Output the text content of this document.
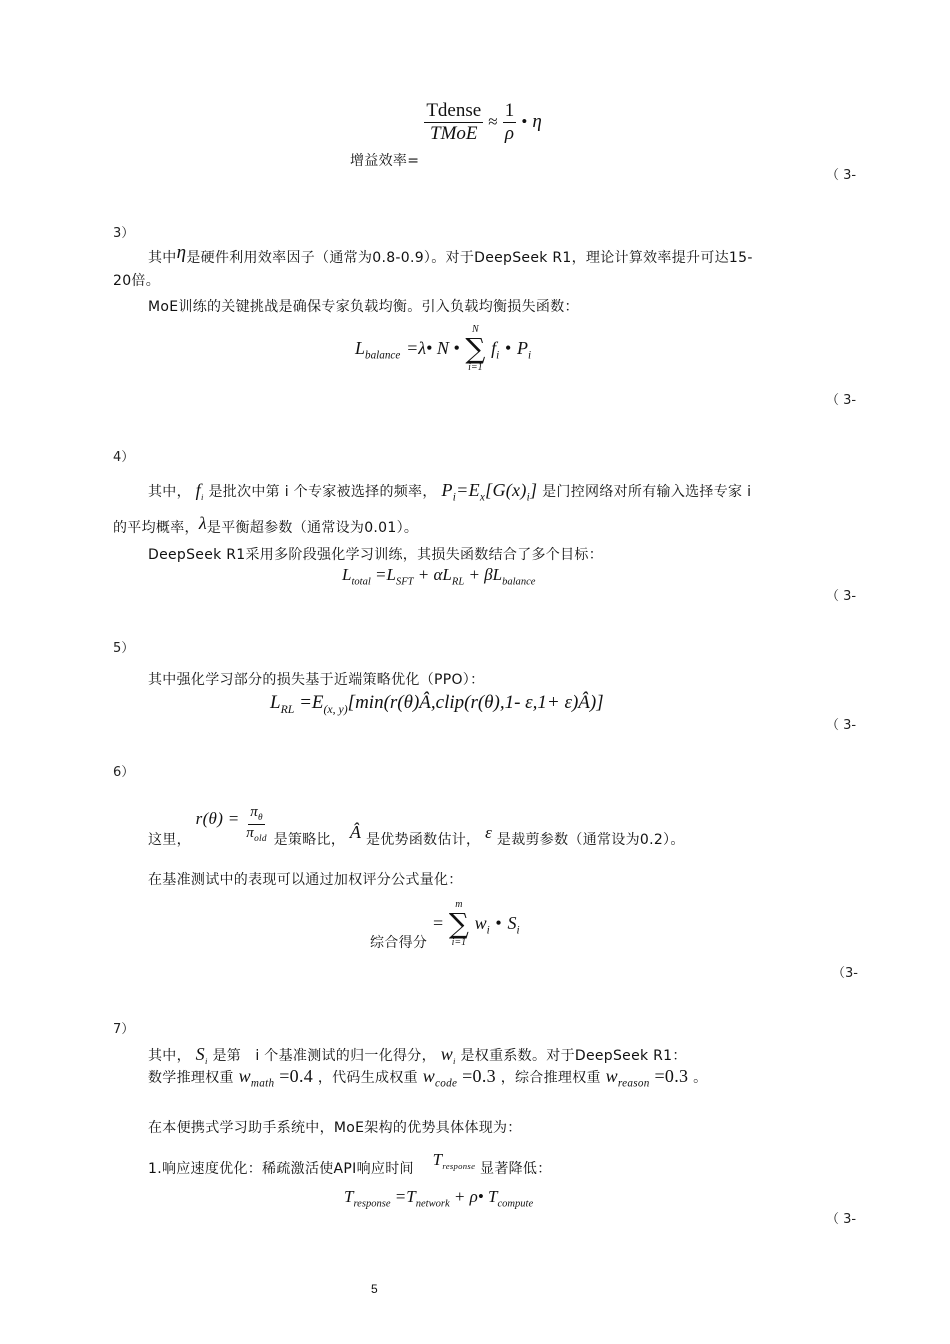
增益效率=
$\frac{\text{Tdense}}{\text{TMoE}} \approx \frac{1}{\rho}$ • η
（ 3-
3）
其中η是硬件利用效率因子（通常为0.8-0.9）。对于DeepSeek R1，理论计算效率提升可达15-
20倍。
MoE训练的关键挑战是确保专家负载均衡。引入负载均衡损失函数：
$L_{balance}$ =λ• N •
N
∑
i=1
$f_i$ • $P_i$
（ 3-
4）
其中， $f_i$ 是批次中第 i 个专家被选择的频率， $P_i=E_x[G(x)_i]$ 是门控网络对所有输入选择专家 i
的平均概率，λ是平衡超参数（通常设为0.01）。
DeepSeek R1采用多阶段强化学习训练，其损失函数结合了多个目标：
$L_{total} =L_{SFT} + \alpha L_{RL} + \beta L_{balance}$
（ 3-
5）
其中强化学习部分的损失基于近端策略优化（PPO）：
$L_{RL}$ $=E_{(x, y)}[\min(r(\theta)Â,clip(r(\theta),1-$ ε,1+ ε)Â)]
（ 3-
6）
这里， $r(\theta) = \frac{\pi_\theta}{\pi_{old}}$ 是策略比， Â 是优势函数估计， ε 是裁剪参数（通常设为0.2）。
在基准测试中的表现可以通过加权评分公式量化：
$_{综合得分}$ =
m
∑
i=1
$w_i$ • $S_i$
（3-
7）
其中， $S_i$ 是第　i 个基准测试的归一化得分， $w_i$ 是权重系数。对于DeepSeek R1：
数学推理权重 $w_{math} =0.4$ ，代码生成权重 $w_{code} =0.3$ ，综合推理权重 $w_{reason} =0.3$ 。
在本便携式学习助手系统中，MoE架构的优势具体体现为：
1.响应速度优化：稀疏激活使API响应时间 $T_{response}$ 显著降低：
$T_{response} =T_{network}$ + ρ• $T_{compute}$
（ 3-
5
